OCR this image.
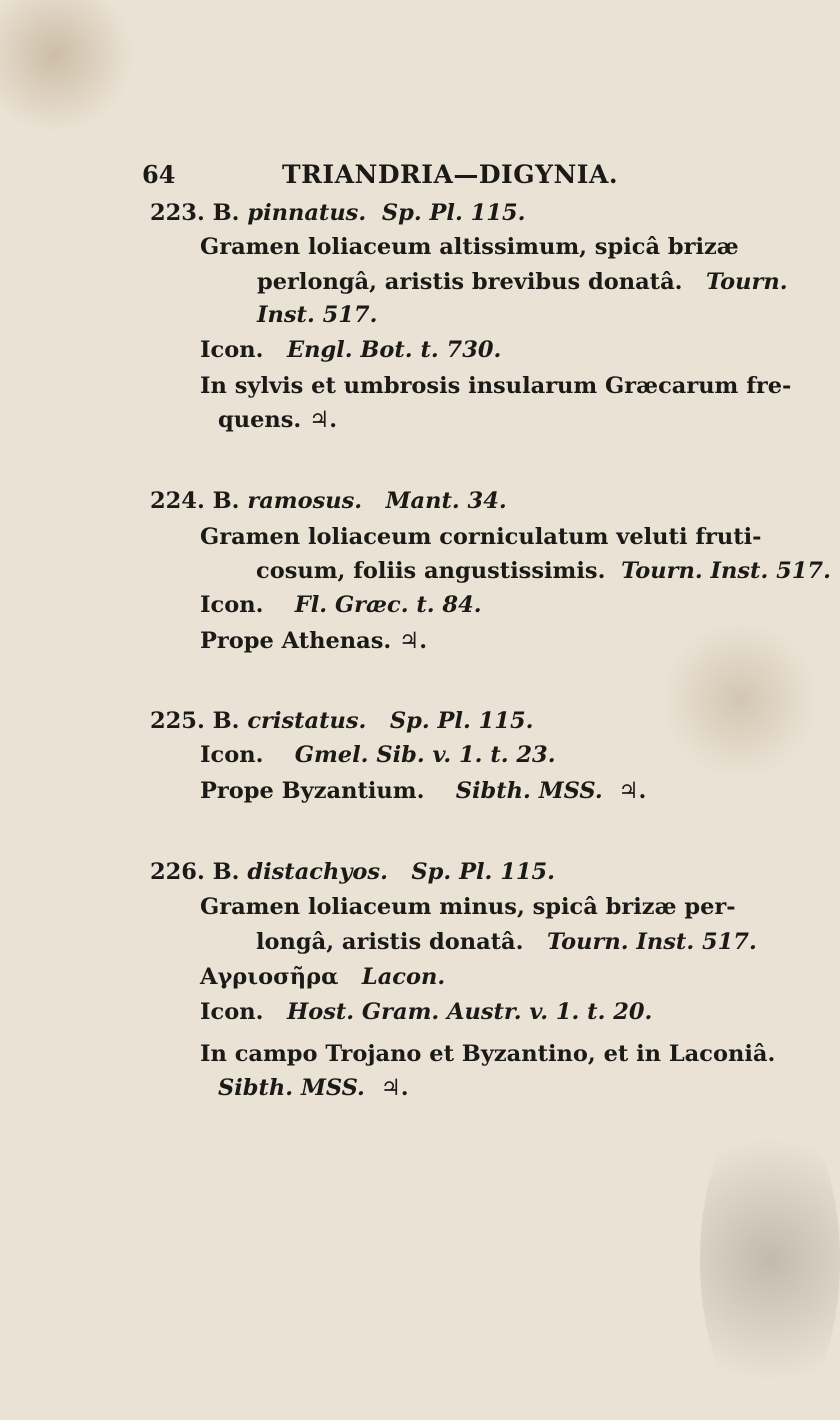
64	TRIANDRIA—DIGYNIA.
223. B. pinnatus. Sp. Pl. 115.
Gramen loliaceum altissimum, spicâ brizæ
perlongâ, aristis brevibus donatâ. Tourn.
Inst. 517.
Icon. Engl. Bot. t. 730.
In sylvis et umbrosis insularum Græcarum fre-
quens. ♃.
224. B. ramosus. Mant. 34.
Gramen loliaceum corniculatum veluti fruti-
cosum, foliis angustissimis. Tourn. Inst. 517.
Icon. Fl. Græc. t. 84.
Prope Athenas. ♃.
225. B. cristatus. Sp. Pl. 115.
Icon. Gmel. Sib. v. 1. t. 23.
Prope Byzantium. Sibth. MSS. ♃.
226. B. distachyos. Sp. Pl. 115.
Gramen loliaceum minus, spicâ brizæ per-
longâ, aristis donatâ. Tourn. Inst. 517.
Αγριοσῆρα Lacon.
Icon. Host. Gram. Austr. v. 1. t. 20.
In campo Trojano et Byzantino, et in Laconiâ.
Sibth. MSS. ♃.
